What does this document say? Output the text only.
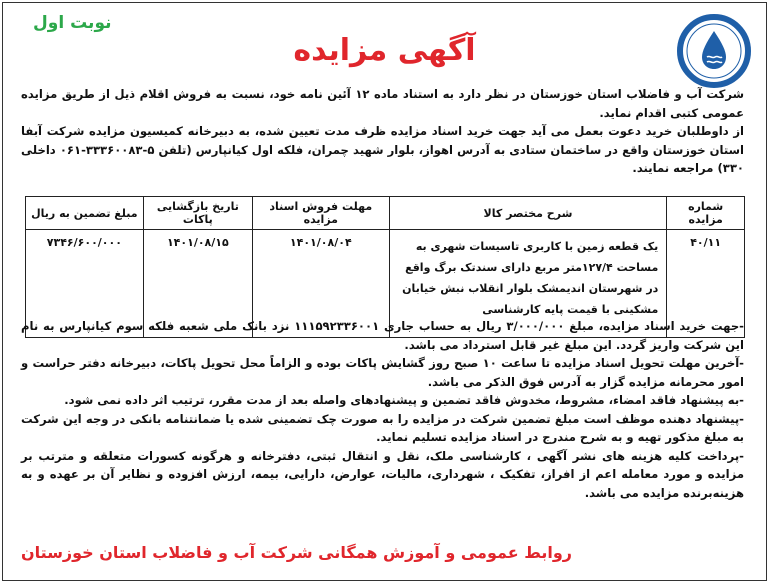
نوبت اول
آگهی مزایده

شرکت آب و فاضلاب استان خوزستان در نظر دارد به استناد ماده ۱۲ آئین نامه خود، نسبت به فروش اقلام ذیل از طریق مزایده عمومی کتبی اقدام نماید.

از داوطلبان خرید دعوت بعمل می آید جهت خرید اسناد مزایده ظرف مدت تعیین شده، به دبیرخانه کمیسیون مزایده شرکت آبفا استان خوزستان واقع در ساختمان ستادی به آدرس اهواز، بلوار شهید چمران، فلکه اول کیانپارس (تلفن ۵-۳۳۳۶۰۰۸۳-۰۶۱ داخلی ۳۳۰) مراجعه نمایند.

شماره مزایده	شرح مختصر کالا	مهلت فروش اسناد مزایده	تاریخ بازگشایی پاکات	مبلغ تضمین به ریال
۴۰/۱۱	یک قطعه زمین با کاربری تاسیسات شهری به مساحت ۱۲۷/۴متر مربع دارای سندتک برگ واقع در شهرستان اندیمشک بلوار انقلاب نبش خیابان مشکینی با قیمت پایه کارشناسی	۱۴۰۱/۰۸/۰۴	۱۴۰۱/۰۸/۱۵	۷۳۴۶/۶۰۰/۰۰۰

-جهت خرید اسناد مزایده، مبلغ ۳/۰۰۰/۰۰۰ ریال به حساب جاری ۱۱۱۵۹۲۳۳۶۰۰۱ نزد بانک ملی شعبه فلکه سوم کیانپارس به نام این شرکت واریز گردد. این مبلغ غیر قابل استرداد می باشد.

-آخرین مهلت تحویل اسناد مزایده تا ساعت ۱۰ صبح روز گشایش پاکات بوده و الزاماً محل تحویل پاکات، دبیرخانه دفتر حراست و امور محرمانه مزایده گزار به آدرس فوق الذکر می باشد.

-به پیشنهاد فاقد امضاء، مشروط، مخدوش فاقد تضمین و پیشنهادهای واصله بعد از مدت مقرر، ترتیب اثر داده نمی شود.

-پیشنهاد دهنده موظف است مبلغ تضمین شرکت در مزایده را به صورت چک تضمینی شده یا ضمانتنامه بانکی در وجه این شرکت به مبلغ مذکور تهیه و به شرح مندرج در اسناد مزایده تسلیم نماید.

-پرداخت کلیه هزینه های نشر آگهی ، کارشناسی ملک، نقل و انتقال ثبتی، دفترخانه و هرگونه کسورات متعلقه و مترتب بر مزایده و مورد معامله اعم از افراز، تفکیک ، شهرداری، مالیات، عوارض، دارایی، بیمه، ارزش افزوده و نظایر آن بر عهده و به هزینه‌برنده مزایده می باشد.

روابط عمومی و آموزش همگانی شرکت آب و فاضلاب استان خوزستان
